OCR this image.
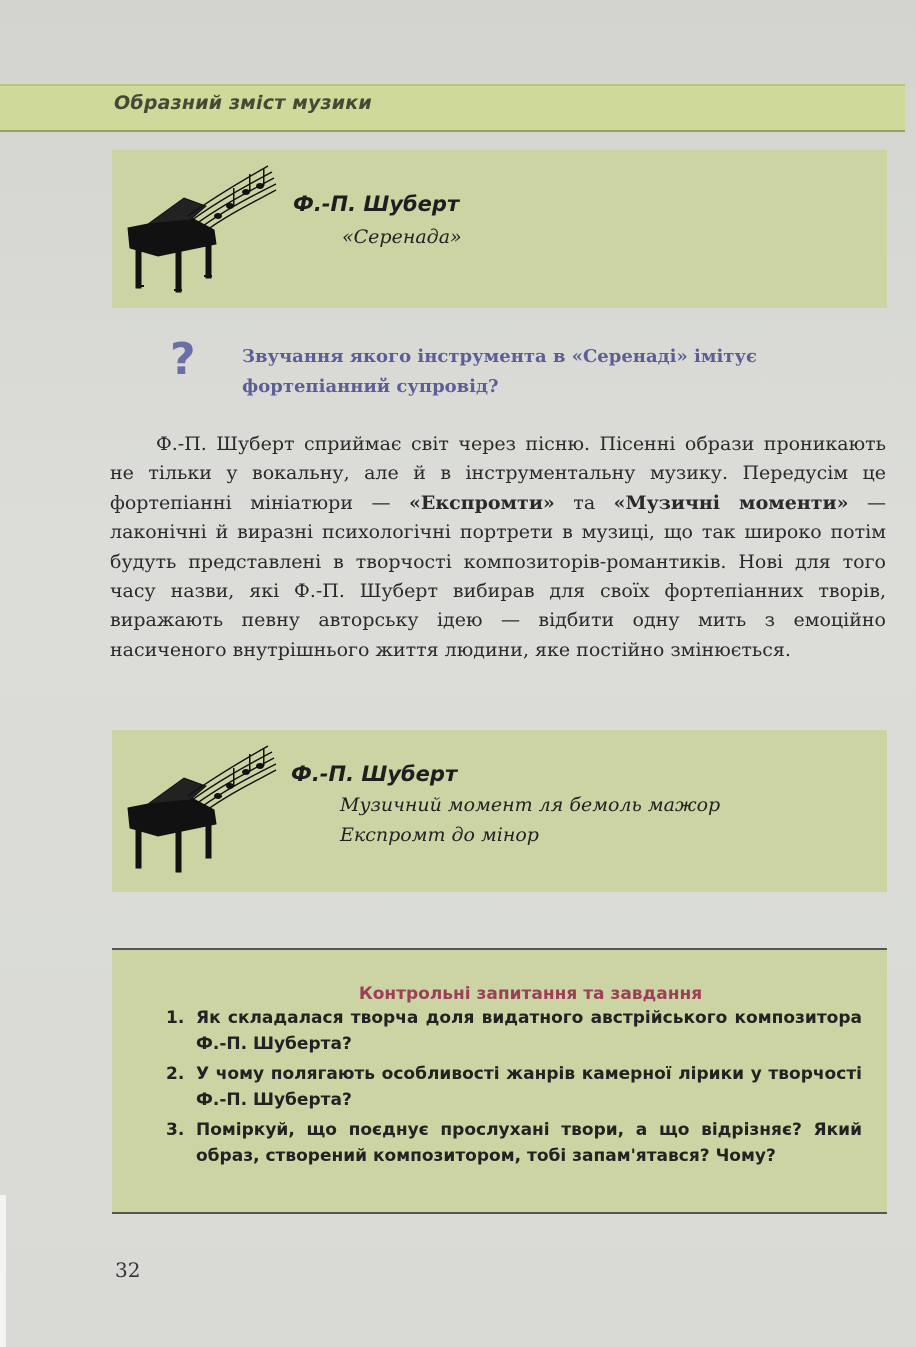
Образний зміст музики
Ф.-П. Шуберт
«Серенада»
?	Звучання якого інструмента в «Серенаді» імітує фортепіанний супровід?

Ф.-П. Шуберт сприймає світ через пісню. Пісенні образи проникають не тільки у вокальну, але й в інструментальну музику. Передусім це фортепіанні мініатюри — «Експромти» та «Музичні моменти» — лаконічні й виразні психологічні портрети в музиці, що так широко потім будуть представлені в творчості композиторів-романтиків. Нові для того часу назви, які Ф.-П. Шуберт вибирав для своїх фортепіанних творів, виражають певну авторську ідею — відбити одну мить з емоційно насиченого внутрішнього життя людини, яке постійно змінюється.

Ф.-П. Шуберт
Музичний момент ля бемоль мажор
Експромт до мінор
Контрольні запитання та завдання
1. Як складалася творча доля видатного австрійського композитора Ф.-П. Шуберта?
2. У чому полягають особливості жанрів камерної лірики у творчості Ф.-П. Шуберта?
3. Поміркуй, що поєднує прослухані твори, а що відрізняє? Який образ, створений композитором, тобі запам'ятався? Чому?
32
